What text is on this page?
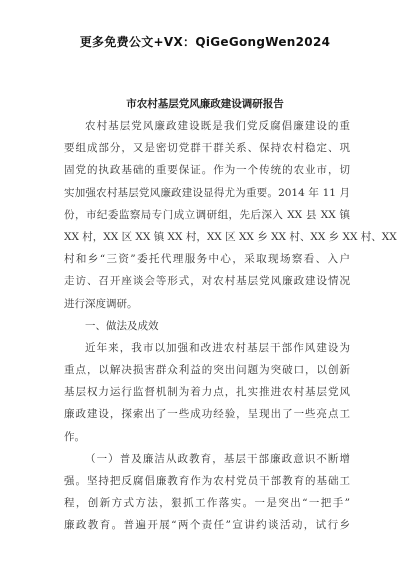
更多免费公文+VX：QiGeGongWen2024
市农村基层党风廉政建设调研报告
农村基层党风廉政建设既是我们党反腐倡廉建设的重
要组成部分，又是密切党群干群关系、保持农村稳定、巩
固党的执政基础的重要保证。作为一个传统的农业市，切
实加强农村基层党风廉政建设显得尤为重要。2014 年 11 月
份，市纪委监察局专门成立调研组，先后深入 XX 县 XX 镇
XX 村，XX 区 XX 镇 XX 村，XX 区 XX 乡 XX 村、XX 乡 XX 村、XX
村和乡“三资”委托代理服务中心，采取现场察看、入户
走访、召开座谈会等形式，对农村基层党风廉政建设情况
进行深度调研。
一、做法及成效
近年来，我市以加强和改进农村基层干部作风建设为
重点，以解决损害群众利益的突出问题为突破口，以创新
基层权力运行监督机制为着力点，扎实推进农村基层党风
廉政建设，探索出了一些成功经验，呈现出了一些亮点工
作。
（一）普及廉洁从政教育，基层干部廉政意识不断增
强。坚持把反腐倡廉教育作为农村党员干部教育的基础工
程，创新方式方法，狠抓工作落实。一是突出“一把手”
廉政教育。普遍开展“两个责任”宣讲约谈活动，试行乡
